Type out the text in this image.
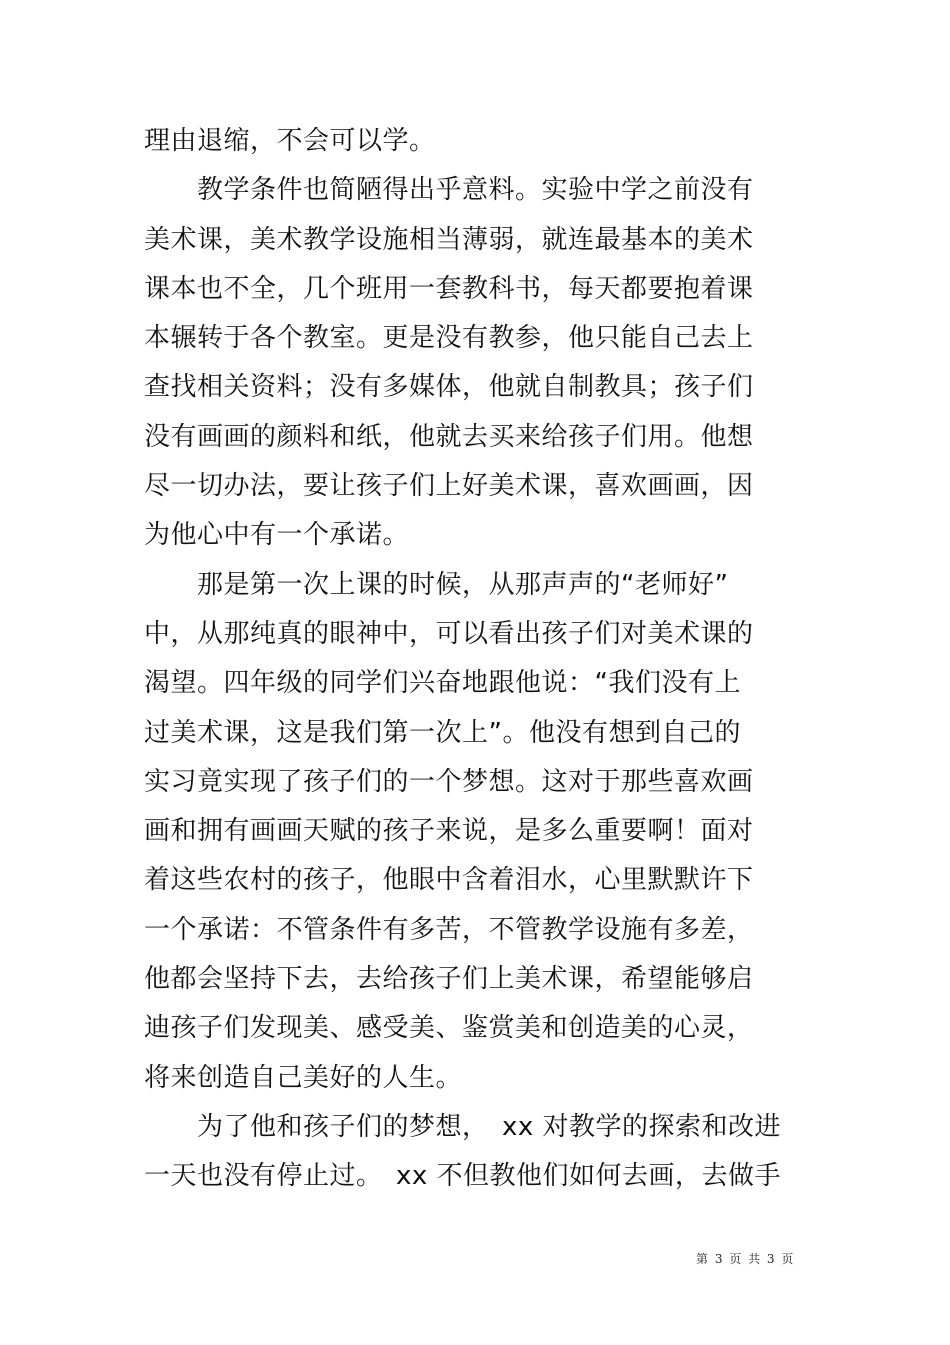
理由退缩，不会可以学。
　　教学条件也简陋得出乎意料。实验中学之前没有
美术课，美术教学设施相当薄弱，就连最基本的美术
课本也不全，几个班用一套教科书，每天都要抱着课
本辗转于各个教室。更是没有教参，他只能自己去上
查找相关资料；没有多媒体，他就自制教具；孩子们
没有画画的颜料和纸，他就去买来给孩子们用。他想
尽一切办法，要让孩子们上好美术课，喜欢画画，因
为他心中有一个承诺。
　　那是第一次上课的时候，从那声声的“老师好”
中，从那纯真的眼神中，可以看出孩子们对美术课的
渴望。四年级的同学们兴奋地跟他说：“我们没有上
过美术课，这是我们第一次上”。他没有想到自己的
实习竟实现了孩子们的一个梦想。这对于那些喜欢画
画和拥有画画天赋的孩子来说，是多么重要啊！面对
着这些农村的孩子，他眼中含着泪水，心里默默许下
一个承诺：不管条件有多苦，不管教学设施有多差，
他都会坚持下去，去给孩子们上美术课，希望能够启
迪孩子们发现美、感受美、鉴赏美和创造美的心灵，
将来创造自己美好的人生。
　　为了他和孩子们的梦想，　xx 对教学的探索和改进
一天也没有停止过。　xx 不但教他们如何去画，去做手
第 3 页 共 3 页
